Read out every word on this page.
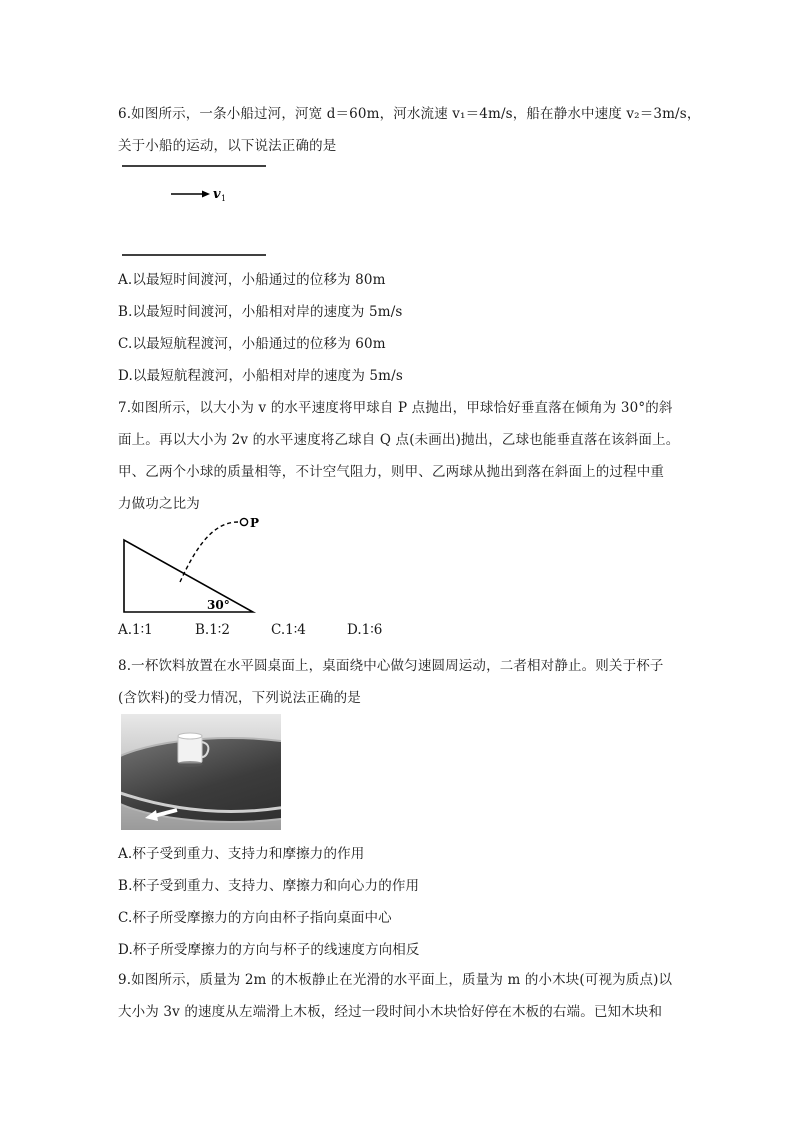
6.如图所示，一条小船过河，河宽 d＝60m，河水流速 v₁＝4m/s，船在静水中速度 v₂＝3m/s，
关于小船的运动，以下说法正确的是
v 1
A.以最短时间渡河，小船通过的位移为 80m
B.以最短时间渡河，小船相对岸的速度为 5m/s
C.以最短航程渡河，小船通过的位移为 60m
D.以最短航程渡河，小船相对岸的速度为 5m/s
7.如图所示，以大小为 v 的水平速度将甲球自 P 点抛出，甲球恰好垂直落在倾角为 30°的斜
面上。再以大小为 2v 的水平速度将乙球自 Q 点(未画出)抛出，乙球也能垂直落在该斜面上。
甲、乙两个小球的质量相等，不计空气阻力，则甲、乙两球从抛出到落在斜面上的过程中重
力做功之比为
P
30°
A.1∶1	B.1∶2	C.1∶4	D.1∶6
8.一杯饮料放置在水平圆桌面上，桌面绕中心做匀速圆周运动，二者相对静止。则关于杯子
(含饮料)的受力情况，下列说法正确的是
A.杯子受到重力、支持力和摩擦力的作用
B.杯子受到重力、支持力、摩擦力和向心力的作用
C.杯子所受摩擦力的方向由杯子指向桌面中心
D.杯子所受摩擦力的方向与杯子的线速度方向相反
9.如图所示，质量为 2m 的木板静止在光滑的水平面上，质量为 m 的小木块(可视为质点)以
大小为 3v 的速度从左端滑上木板，经过一段时间小木块恰好停在木板的右端。已知木块和
